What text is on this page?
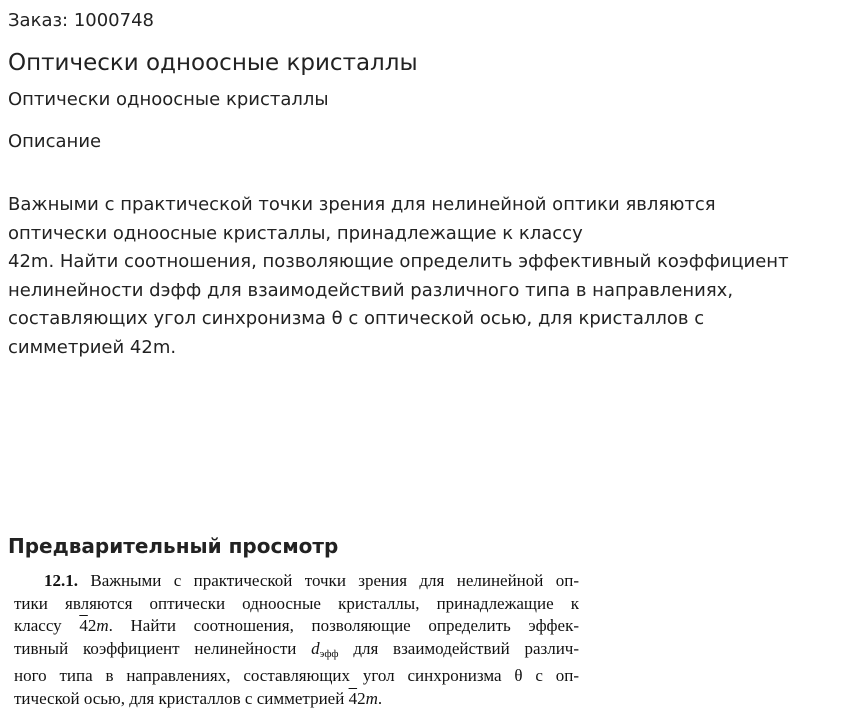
Заказ: 1000748
Оптически одноосные кристаллы
Оптически одноосные кристаллы
Описание
Важными с практической точки зрения для нелинейной оптики являются
оптически одноосные кристаллы, принадлежащие к классу
42m. Найти соотношения, позволяющие определить эффективный коэффициент
нелинейности dэфф для взаимодействий различного типа в направлениях,
составляющих угол синхронизма θ с оптической осью, для кристаллов с
симметрией 42m.
Предварительный просмотр
12.1. Важными с практической точки зрения для нелинейной оп-
тики являются оптически одноосные кристаллы, принадлежащие к
классу 42m. Найти соотношения, позволяющие определить эффек-
тивный коэффициент нелинейности $d_{эфф}$ для взаимодействий различ-
ного типа в направлениях, составляющих угол синхронизма θ с оп-
тической осью, для кристаллов с симметрией 42m.
